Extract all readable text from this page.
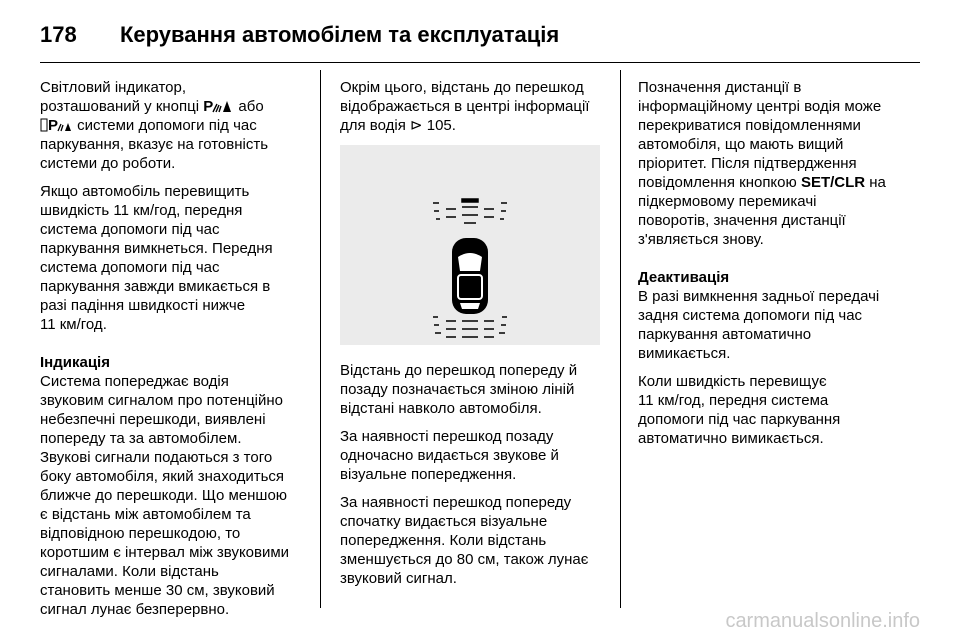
178 Керування автомобілем та експлуатація

Світловий індикатор,
розташований у кнопці P або
P системи допомоги під час
паркування, вказує на готовність
системи до роботи.

Якщо автомобіль перевищить
швидкість 11 км/год, передня
система допомоги під час
паркування вимкнеться. Передня
система допомоги під час
паркування завжди вмикається в
разі падіння швидкості нижче
11 км/год.

Індикація

Система попереджає водія
звуковим сигналом про потенційно
небезпечні перешкоди, виявлені
попереду та за автомобілем.
Звукові сигнали подаються з того
боку автомобіля, який знаходиться
ближче до перешкоди. Що меншою
є відстань між автомобілем та
відповідною перешкодою, то
коротшим є інтервал між звуковими
сигналами. Коли відстань
становить менше 30 см, звуковий
сигнал лунає безперервно.

Окрім цього, відстань до перешкод
відображається в центрі інформації
для водія ⊳ 105.

Відстань до перешкод попереду й
позаду позначається зміною ліній
відстані навколо автомобіля.

За наявності перешкод позаду
одночасно видається звукове й
візуальне попередження.

За наявності перешкод попереду
спочатку видається візуальне
попередження. Коли відстань
зменшується до 80 см, також лунає
звуковий сигнал.

Позначення дистанції в
інформаційному центрі водія може
перекриватися повідомленнями
автомобіля, що мають вищий
пріоритет. Після підтвердження
повідомлення кнопкою SET/CLR на
підкермовому перемикачі
поворотів, значення дистанції
з'являється знову.

Деактивація

В разі вимкнення задньої передачі
задня система допомоги під час
паркування автоматично
вимикається.

Коли швидкість перевищує
11 км/год, передня система
допомоги під час паркування
автоматично вимикається.

carmanualsonline.info
